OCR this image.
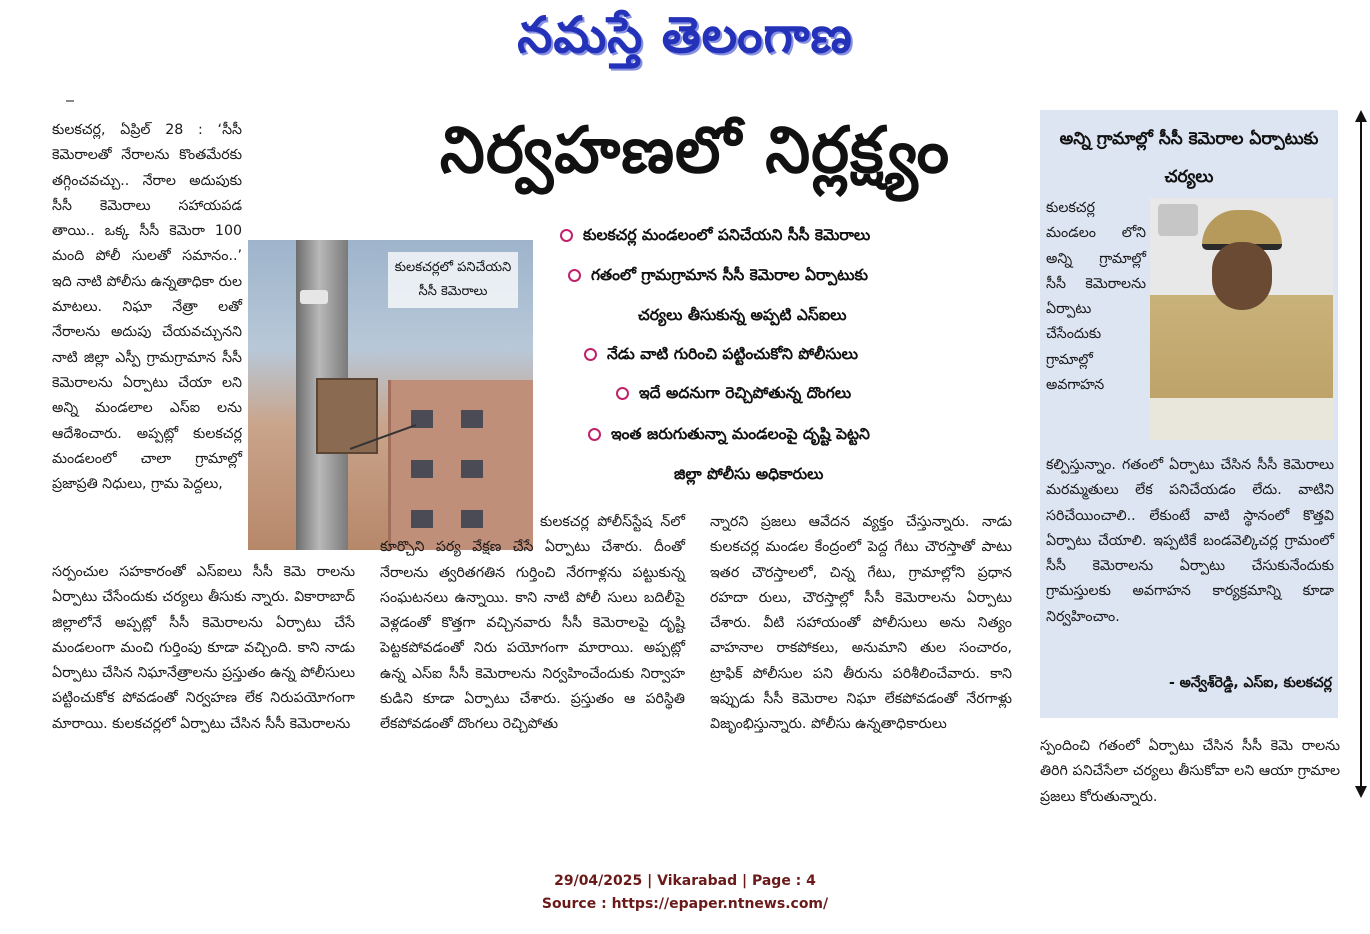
నమస్తే తెలంగాణ
నిర్వహణలో నిర్లక్ష్యం

కులకచర్ల, ఏప్రిల్ 28 : ‘సీసీ కెమెరాలతో నేరాలను కొంతమేరకు తగ్గించవచ్చు.. నేరాల అదుపుకు సీసీ కెమెరాలు సహాయపడ తాయి.. ఒక్క సీసీ కెమెరా 100 మంది పోలీ సులతో సమానం..’ ఇది నాటి పోలీసు ఉన్నతాధికా రుల మాటలు. నిఘా నేత్రా లతో నేరాలను అదుపు చేయవచ్చునని నాటి జిల్లా ఎస్పీ గ్రామగ్రామాన సీసీ కెమెరాలను ఏర్పాటు చేయా లని అన్ని మండలాల ఎస్‌ఐ లను ఆదేశించారు. అప్పట్లో కులకచర్ల మండలంలో చాలా గ్రామాల్లో ప్రజాప్రతి నిధులు, గ్రామ పెద్దలు,

సర్పంచుల సహకారంతో ఎస్‌ఐలు సీసీ కెమె రాలను ఏర్పాటు చేసేందుకు చర్యలు తీసుకు న్నారు. వికారాబాద్ జిల్లాలోనే అప్పట్లో సీసీ కెమెరాలను ఏర్పాటు చేసే మండలంగా మంచి గుర్తింపు కూడా వచ్చింది. కాని నాడు ఏర్పాటు చేసిన నిఘానేత్రాలను ప్రస్తుతం ఉన్న పోలీసులు పట్టించుకోక పోవడంతో నిర్వహణ లేక నిరుపయోగంగా మారాయి. కులకచర్లలో ఏర్పాటు చేసిన సీసీ కెమెరాలను

కులకచర్లలో పనిచేయని సీసీ కెమెరాలు
కులకచర్ల మండలంలో పనిచేయని సీసీ కెమెరాలు
గతంలో గ్రామగ్రామాన సీసీ కెమెరాల ఏర్పాటుకు
చర్యలు తీసుకున్న అప్పటి ఎస్‌ఐలు
నేడు వాటి గురించి పట్టించుకోని పోలీసులు
ఇదే అదనుగా రెచ్చిపోతున్న దొంగలు
ఇంత జరుగుతున్నా మండలంపై దృష్టి పెట్టని
జిల్లా పోలీసు అధికారులు

కులకచర్ల పోలీస్‌స్టేష న్‌లో కూర్చొని పర్య వేక్షణ చేసే ఏర్పాటు చేశారు. దీంతో నేరాలను త్వరితగతిన గుర్తించి నేరగాళ్లను పట్టుకున్న సంఘటనలు ఉన్నాయి. కాని నాటి పోలీ సులు బదిలీపై వెళ్లడంతో కొత్తగా వచ్చినవారు సీసీ కెమెరాలపై దృష్టి పెట్టకపోవడంతో నిరు పయోగంగా మారాయి. అప్పట్లో ఉన్న ఎస్‌ఐ సీసీ కెమెరాలను నిర్వహించేందుకు నిర్వాహ కుడిని కూడా ఏర్పాటు చేశారు. ప్రస్తుతం ఆ పరిస్థితి లేకపోవడంతో దొంగలు రెచ్చిపోతు

న్నారని ప్రజలు ఆవేదన వ్యక్తం చేస్తున్నారు. నాడు కులకచర్ల మండల కేంద్రంలో పెద్ద గేటు చౌరస్తాతో పాటు ఇతర చౌరస్తాలలో, చిన్న గేటు, గ్రామాల్లోని ప్రధాన రహదా రులు, చౌరస్తాల్లో సీసీ కెమెరాలను ఏర్పాటు చేశారు. వీటి సహాయంతో పోలీసులు అను నిత్యం వాహనాల రాకపోకలు, అనుమాని తుల సంచారం, ట్రాఫిక్ పోలీసుల పని తీరును పరిశీలించేవారు. కాని ఇప్పుడు సీసీ కెమెరాల నిఘా లేకపోవడంతో నేరగాళ్లు విజృంభిస్తున్నారు. పోలీసు ఉన్నతాధికారులు

అన్ని గ్రామాల్లో సీసీ కెమెరాల ఏర్పాటుకు చర్యలు
కులకచర్ల మండలం లోని అన్ని గ్రామాల్లో సీసీ కెమెరాలను ఏర్పాటు చేసేందుకు గ్రామాల్లో అవగాహన
కల్పిస్తున్నాం. గతంలో ఏర్పాటు చేసిన సీసీ కెమెరాలు మరమ్మతులు లేక పనిచేయడం లేదు. వాటిని సరిచేయించాలి.. లేకుంటే వాటి స్థానంలో కొత్తవి ఏర్పాటు చేయాలి. ఇప్పటికే బండవెల్కిచర్ల గ్రామంలో సీసీ కెమెరాలను ఏర్పాటు చేసుకునేందుకు గ్రామస్తులకు అవగాహన కార్యక్రమాన్ని కూడా నిర్వహించాం.
- అన్వేశ్‌రెడ్డి, ఎస్‌ఐ, కులకచర్ల
స్పందించి గతంలో ఏర్పాటు చేసిన సీసీ కెమె రాలను తిరిగి పనిచేసేలా చర్యలు తీసుకోవా లని ఆయా గ్రామాల ప్రజలు కోరుతున్నారు.
29/04/2025 | Vikarabad | Page : 4
Source : https://epaper.ntnews.com/
